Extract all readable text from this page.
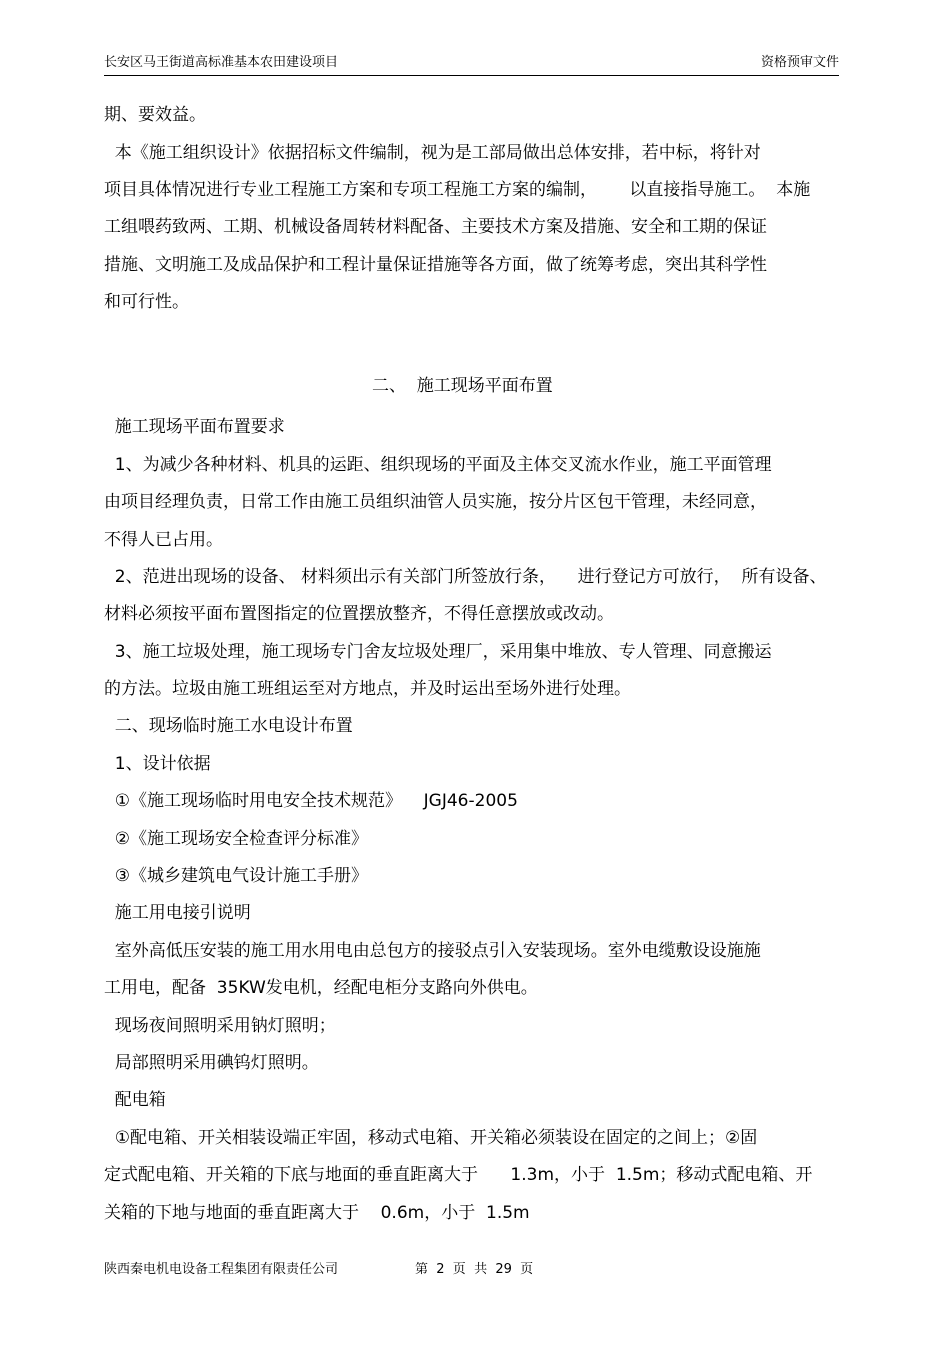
长安区马王街道高标准基本农田建设项目	资格预审文件
期、要效益。
本《施工组织设计》依据招标文件编制，视为是工部局做出总体安排，若中标，将针对
项目具体情况进行专业工程施工方案和专项工程施工方案的编制，      以直接指导施工。  本施
工组喂药致两、工期、机械设备周转材料配备、主要技术方案及措施、安全和工期的保证
措施、文明施工及成品保护和工程计量保证措施等各方面，做了统筹考虑，突出其科学性
和可行性。
二、  施工现场平面布置
施工现场平面布置要求
1、为减少各种材料、机具的运距、组织现场的平面及主体交叉流水作业，施工平面管理
由项目经理负责，日常工作由施工员组织油管人员实施，按分片区包干管理，未经同意，
不得人已占用。
2、范进出现场的设备、 材料须出示有关部门所签放行条，    进行登记方可放行，  所有设备、
材料必须按平面布置图指定的位置摆放整齐，不得任意摆放或改动。
3、施工垃圾处理，施工现场专门舍友垃圾处理厂，采用集中堆放、专人管理、同意搬运
的方法。垃圾由施工班组运至对方地点，并及时运出至场外进行处理。
二、现场临时施工水电设计布置
1、设计依据
①《施工现场临时用电安全技术规范》    JGJ46-2005
②《施工现场安全检查评分标准》
③《城乡建筑电气设计施工手册》
施工用电接引说明
室外高低压安装的施工用水用电由总包方的接驳点引入安装现场。室外电缆敷设设施施
工用电，配备  35KW发电机，经配电柜分支路向外供电。
现场夜间照明采用钠灯照明；
局部照明采用碘钨灯照明。
配电箱
①配电箱、开关相装设端正牢固，移动式电箱、开关箱必须装设在固定的之间上；②固
定式配电箱、开关箱的下底与地面的垂直距离大于      1.3m，小于  1.5m；移动式配电箱、开
关箱的下地与地面的垂直距离大于    0.6m，小于  1.5m
陕西秦电机电设备工程集团有限责任公司	第  2  页  共  29  页
